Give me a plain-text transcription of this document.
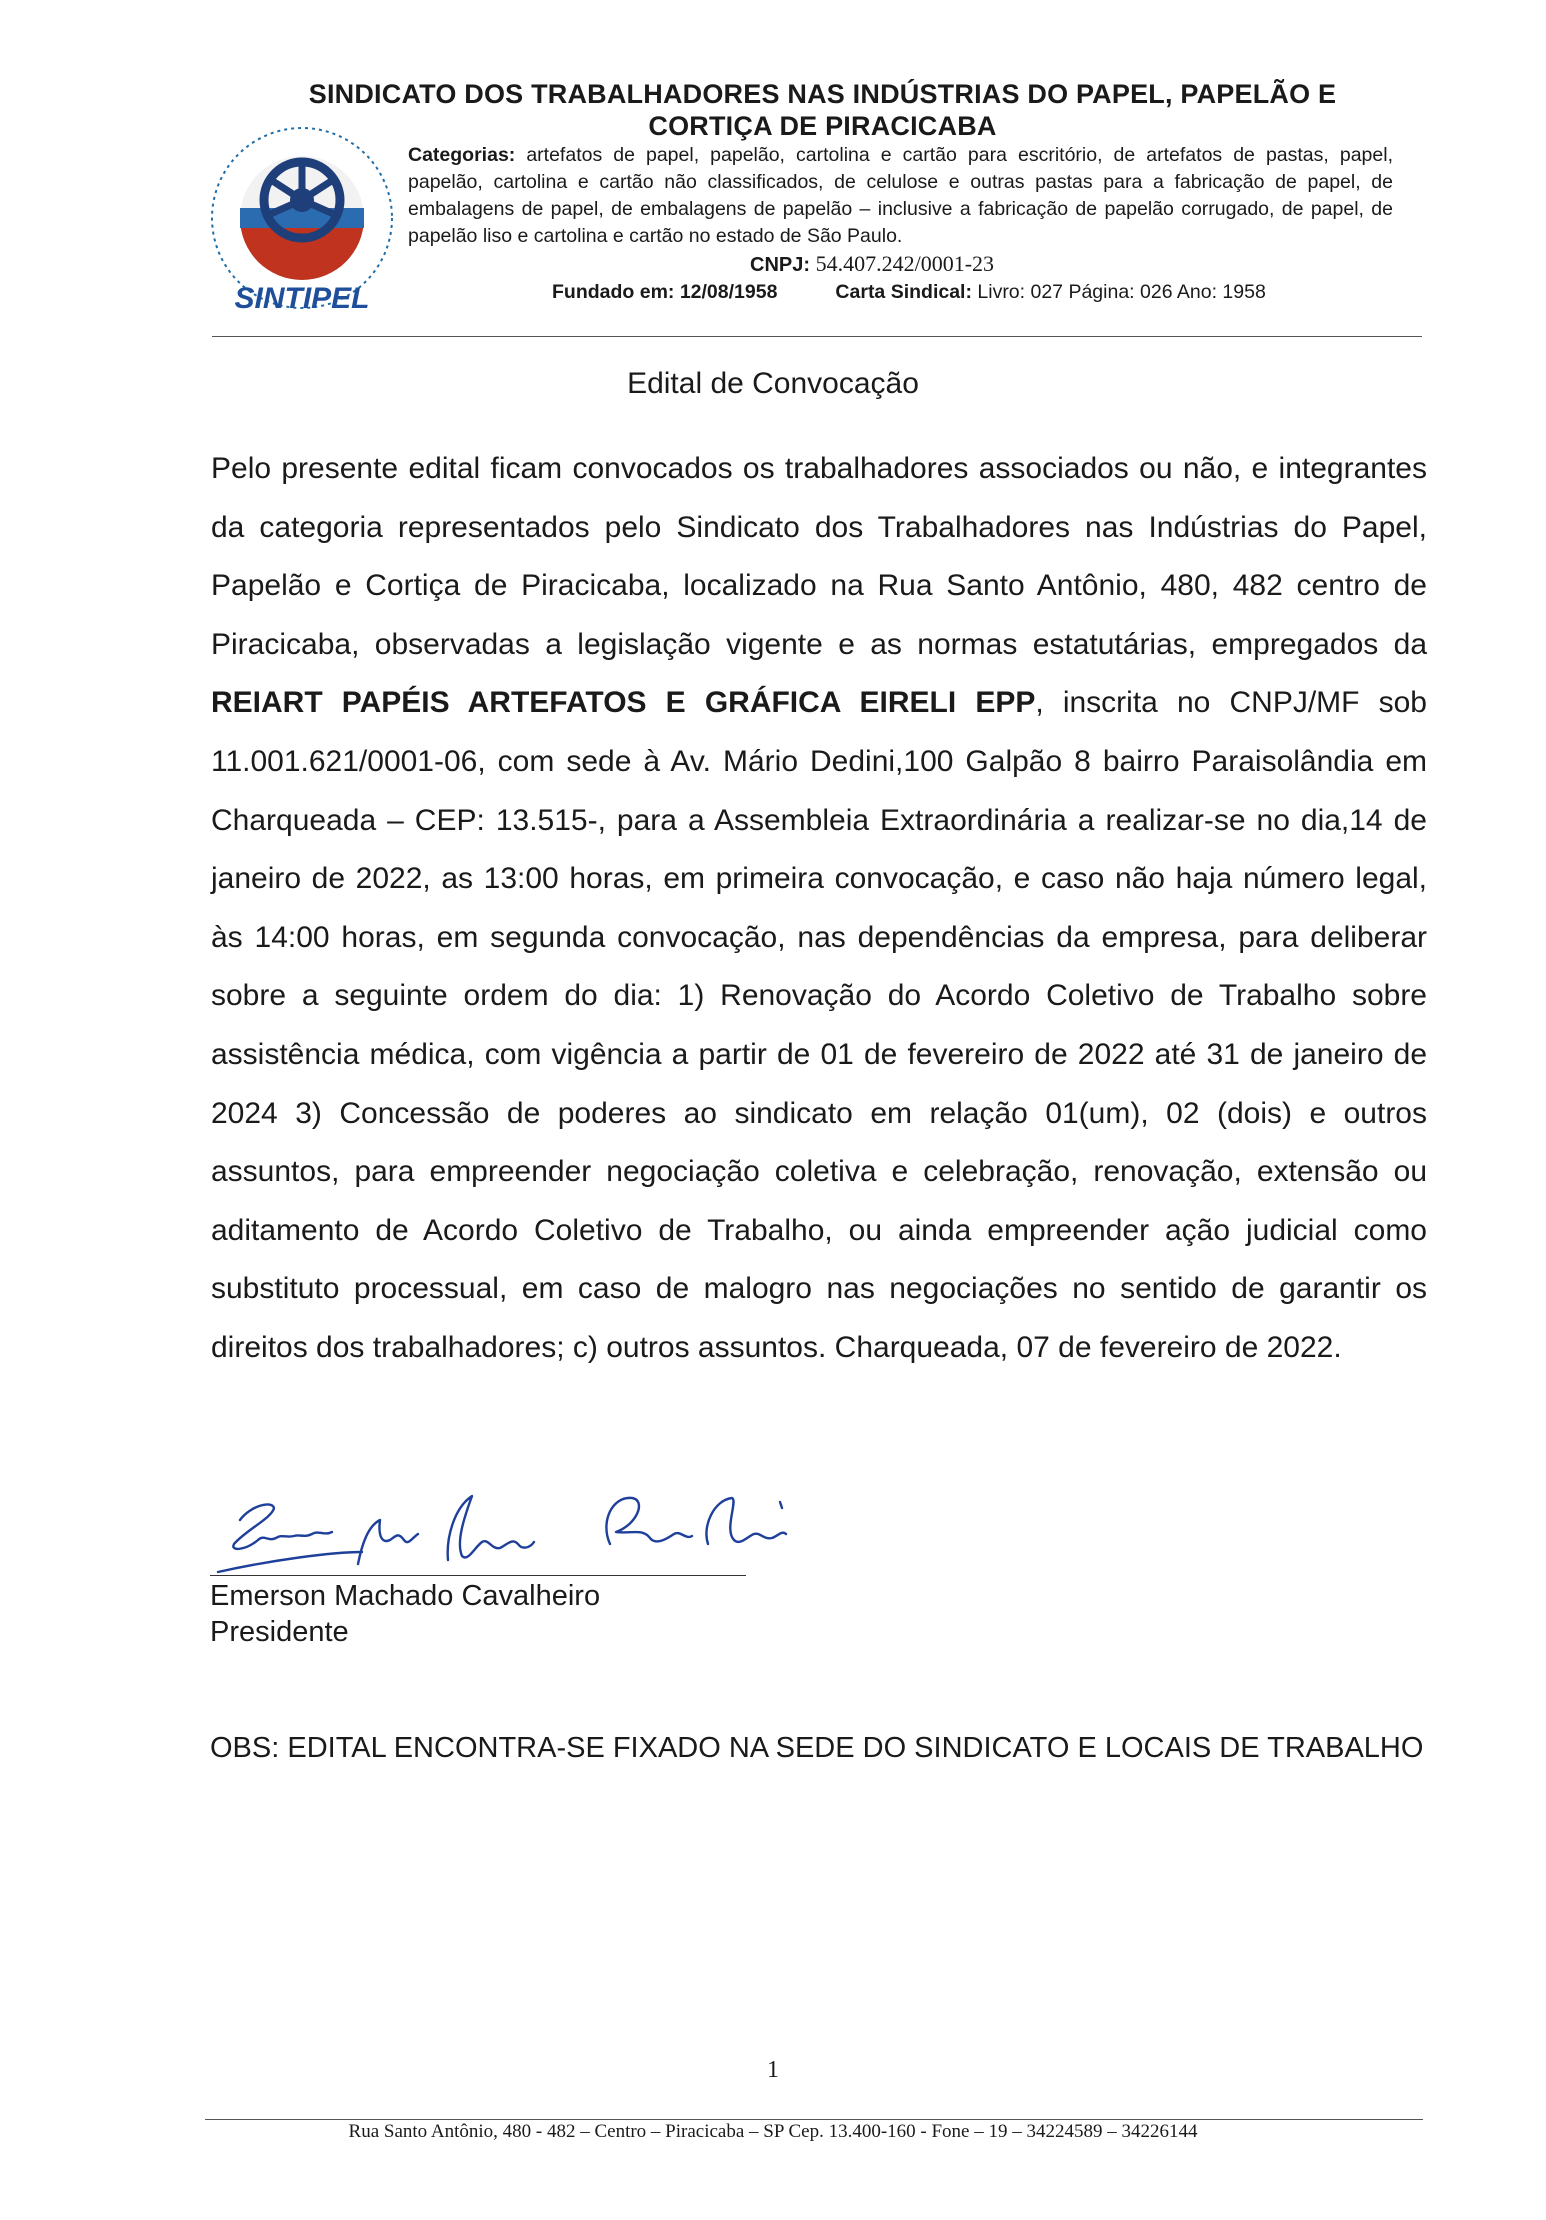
SINDICATO DOS TRABALHADORES NAS INDÚSTRIAS DO PAPEL, PAPELÃO E
CORTIÇA DE PIRACICABA
SINTIPEL
Categorias: artefatos de papel, papelão, cartolina e cartão para escritório, de artefatos de pastas, papel, papelão, cartolina e cartão não classificados, de celulose e outras pastas para a fabricação de papel, de embalagens de papel, de embalagens de papelão – inclusive a fabricação de papelão corrugado, de papel, de papelão liso e cartolina e cartão no estado de São Paulo.
CNPJ: 54.407.242/0001-23
Fundado em: 12/08/1958	Carta Sindical: Livro: 027 Página: 026 Ano: 1958
Edital de Convocação
Pelo presente edital ficam convocados os trabalhadores associados ou não, e integrantes da categoria representados pelo Sindicato dos Trabalhadores nas Indústrias do Papel, Papelão e Cortiça de Piracicaba, localizado na Rua Santo Antônio, 480, 482 centro de Piracicaba, observadas a legislação vigente e as normas estatutárias, empregados da REIART PAPÉIS ARTEFATOS E GRÁFICA EIRELI EPP, inscrita no CNPJ/MF sob 11.001.621/0001-06, com sede à Av. Mário Dedini,100 Galpão 8 bairro Paraisolândia em Charqueada – CEP: 13.515-, para a Assembleia Extraordinária a realizar-se no dia,14 de janeiro de 2022, as 13:00 horas, em primeira convocação, e caso não haja número legal, às 14:00 horas, em segunda convocação, nas dependências da empresa, para deliberar sobre a seguinte ordem do dia: 1) Renovação do Acordo Coletivo de Trabalho sobre assistência médica, com vigência a partir de 01 de fevereiro de 2022 até 31 de janeiro de 2024 3) Concessão de poderes ao sindicato em relação 01(um), 02 (dois) e outros assuntos, para empreender negociação coletiva e celebração, renovação, extensão ou aditamento de Acordo Coletivo de Trabalho, ou ainda empreender ação judicial como substituto processual, em caso de malogro nas negociações no sentido de garantir os direitos dos trabalhadores; c) outros assuntos. Charqueada, 07 de fevereiro de 2022.
Emerson Machado Cavalheiro
Presidente
OBS: EDITAL ENCONTRA-SE FIXADO NA SEDE DO SINDICATO E LOCAIS DE TRABALHO
1
Rua Santo Antônio, 480 - 482 – Centro – Piracicaba – SP Cep. 13.400-160 - Fone – 19 – 34224589 – 34226144
